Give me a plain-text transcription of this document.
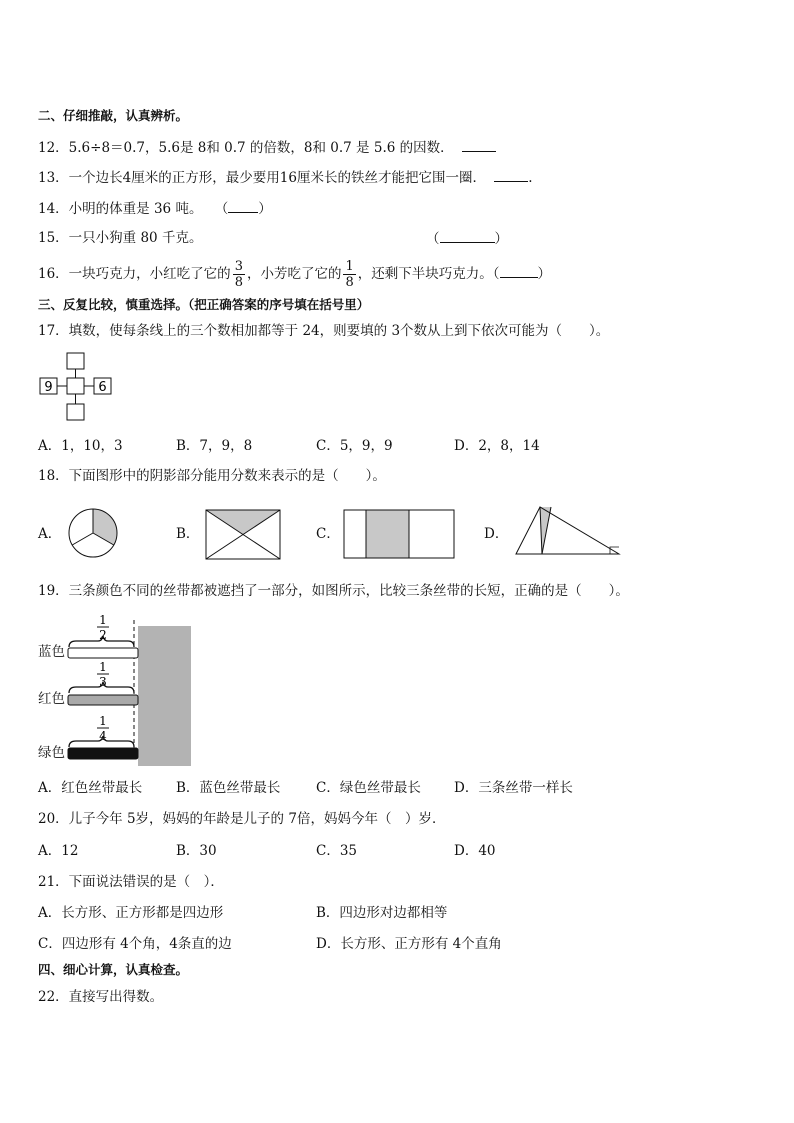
二、仔细推敲，认真辨析。
12．5.6÷8＝0.7，5.6是 8和 0.7 的倍数，8和 0.7 是 5.6 的因数．
13．一个边长4厘米的正方形，最少要用16厘米长的铁丝才能把它围一圈．	.
14．小明的体重是 36 吨。 （ ）
15．一只小狗重 80 千克。	（	）
16．一块巧克力，小红吃了它的 $\frac{3}{8}$ ，小芳吃了它的 $\frac{1}{8}$ ，还剩下半块巧克力。（	）
三、反复比较，慎重选择。（把正确答案的序号填在括号里）
17．填数，使每条线上的三个数相加都等于 24，则要填的 3个数从上到下依次可能为（　　）。
9	6
A．1，10，3	B．7，9，8	C．5，9，9	D．2，8，14
18．下面图形中的阴影部分能用分数来表示的是（　　）。
A．	B．	C．	D．
19．三条颜色不同的丝带都被遮挡了一部分，如图所示，比较三条丝带的长短，正确的是（　　）。
蓝色
红色
绿色
1
2
1
3
1
4
A．红色丝带最长	B．蓝色丝带最长	C．绿色丝带最长 D．三条丝带一样长
20．儿子今年 5岁，妈妈的年龄是儿子的 7倍，妈妈今年（　）岁．
A．12	B．30	C．35	D．40
21．下面说法错误的是（　）．
A．长方形、正方形都是四边形	B．四边形对边都相等
C．四边形有 4个角，4条直的边	D．长方形、正方形有 4个直角
四、细心计算，认真检查。
22．直接写出得数。
